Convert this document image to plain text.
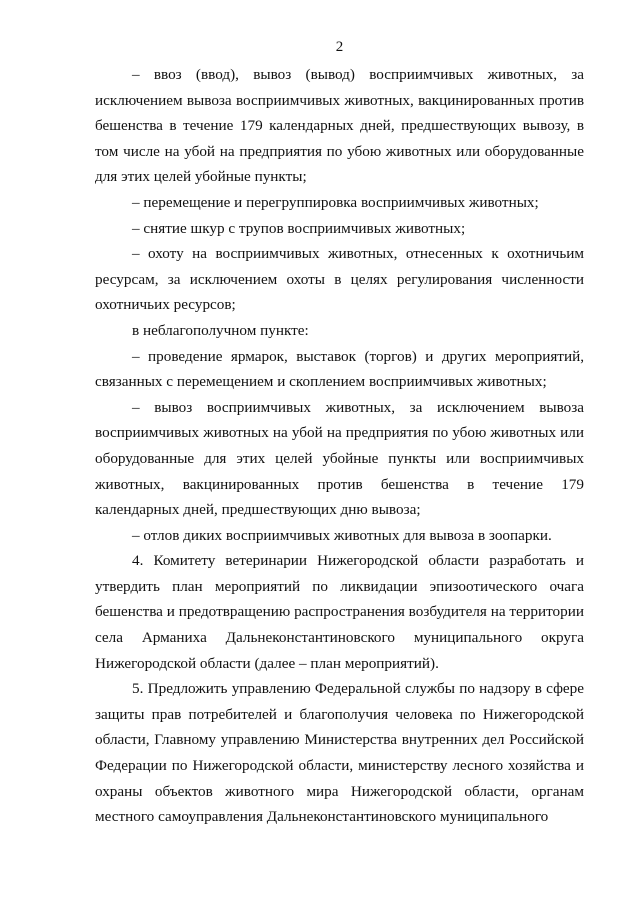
2

– ввоз (ввод), вывоз (вывод) восприимчивых животных, за исключением вывоза восприимчивых животных, вакцинированных против бешенства в течение 179 календарных дней, предшествующих вывозу, в том числе на убой на предприятия по убою животных или оборудованные для этих целей убойные пункты;

– перемещение и перегруппировка восприимчивых животных;

– снятие шкур с трупов восприимчивых животных;

– охоту на восприимчивых животных, отнесенных к охотничьим ресурсам, за исключением охоты в целях регулирования численности охотничьих ресурсов;

в неблагополучном пункте:

– проведение ярмарок, выставок (торгов) и других мероприятий, связанных с перемещением и скоплением восприимчивых животных;

– вывоз восприимчивых животных, за исключением вывоза восприимчивых животных на убой на предприятия по убою животных или оборудованные для этих целей убойные пункты или восприимчивых животных, вакцинированных против бешенства в течение 179 календарных дней, предшествующих дню вывоза;

– отлов диких восприимчивых животных для вывоза в зоопарки.

4. Комитету ветеринарии Нижегородской области разработать и утвердить план мероприятий по ликвидации эпизоотического очага бешенства и предотвращению распространения возбудителя на территории села Арманиха Дальнеконстантиновского муниципального округа Нижегородской области (далее – план мероприятий).

5. Предложить управлению Федеральной службы по надзору в сфере защиты прав потребителей и благополучия человека по Нижегородской области, Главному управлению Министерства внутренних дел Российской Федерации по Нижегородской области, министерству лесного хозяйства и охраны объектов животного мира Нижегородской области, органам местного самоуправления Дальнеконстантиновского муниципального
